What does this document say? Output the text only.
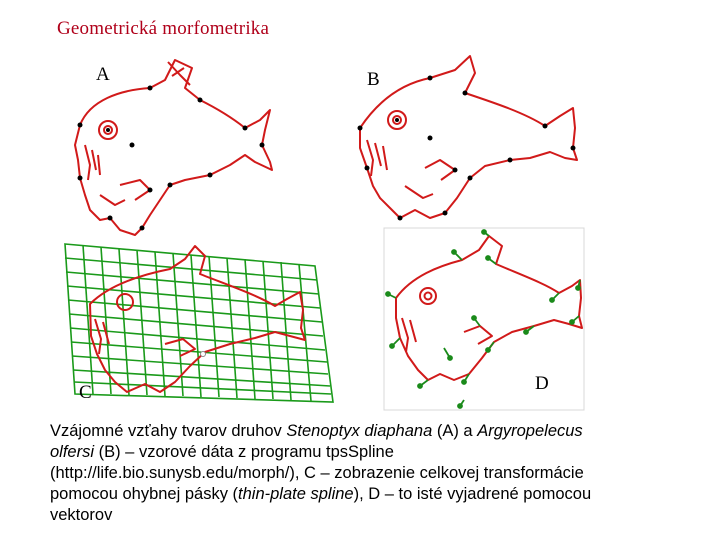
Geometrická morfometrika
A	B
C	D
Vzájomné vzťahy tvarov druhov Stenoptyx diaphana (A) a Argyropelecus
olfersi (B) – vzorové dáta z programu tpsSpline
(http://life.bio.sunysb.edu/morph/), C – zobrazenie celkovej transformácie
pomocou ohybnej pásky (thin-plate spline), D – to isté vyjadrené pomocou
vektorov
